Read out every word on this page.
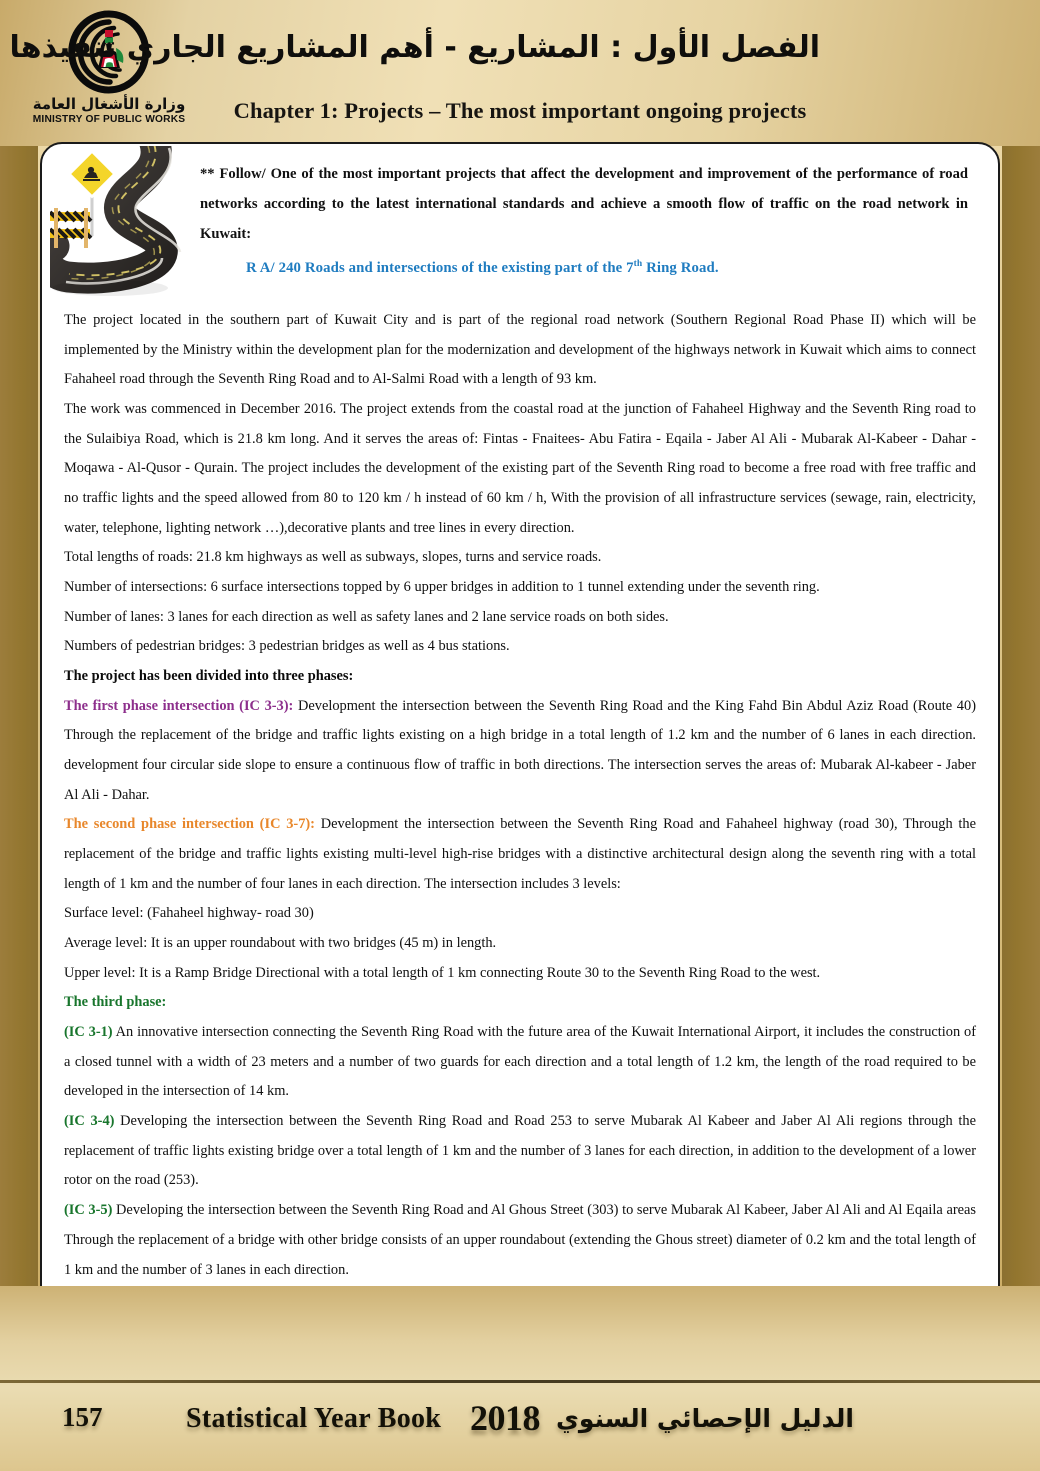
وزارة الأشغال العامة
MINISTRY OF PUBLIC WORKS
الفصل الأول : المشاريع - أهم المشاريع الجاري تنفيذها
Chapter 1: Projects – The most important ongoing projects

** Follow/ One of the most important projects that affect the development and improvement of the performance of road networks according to the latest international standards and achieve a smooth flow of traffic on the road network in Kuwait:

R A/ 240 Roads and intersections of the existing part of the 7th Ring Road.

The project located in the southern part of Kuwait City and is part of the regional road network (Southern Regional Road Phase II) which will be implemented by the Ministry within the development plan for the modernization and development of the highways network in Kuwait which aims to connect Fahaheel road through the Seventh Ring Road and to Al-Salmi Road with a length of 93 km.

The work was commenced in December 2016. The project extends from the coastal road at the junction of Fahaheel Highway and the Seventh Ring road to the Sulaibiya Road, which is 21.8 km long. And it serves the areas of: Fintas - Fnaitees- Abu Fatira - Eqaila - Jaber Al Ali - Mubarak Al-Kabeer - Dahar - Moqawa - Al-Qusor - Qurain. The project includes the development of the existing part of the Seventh Ring road to become a free road with free traffic and no traffic lights and the speed allowed from 80 to 120 km / h instead of 60 km / h, With the provision of all infrastructure services (sewage, rain, electricity, water, telephone, lighting network …),decorative plants and tree lines in every direction.

Total lengths of roads: 21.8 km highways as well as subways, slopes, turns and service roads.

Number of intersections: 6 surface intersections topped by 6 upper bridges in addition to 1 tunnel extending under the seventh ring.

Number of lanes: 3 lanes for each direction as well as safety lanes and 2 lane service roads on both sides.

Numbers of pedestrian bridges: 3 pedestrian bridges as well as 4 bus stations.

The project has been divided into three phases:

The first phase intersection (IC 3-3): Development the intersection between the Seventh Ring Road and the King Fahd Bin Abdul Aziz Road (Route 40) Through the replacement of the bridge and traffic lights existing on a high bridge in a total length of 1.2 km and the number of 6 lanes in each direction. development four circular side slope to ensure a continuous flow of traffic in both directions. The intersection serves the areas of: Mubarak Al-kabeer - Jaber Al Ali - Dahar.

The second phase intersection (IC 3-7): Development the intersection between the Seventh Ring Road and Fahaheel highway (road 30), Through the replacement of the bridge and traffic lights existing multi-level high-rise bridges with a distinctive architectural design along the seventh ring with a total length of 1 km and the number of four lanes in each direction. The intersection includes 3 levels:

Surface level: (Fahaheel highway- road 30)

Average level: It is an upper roundabout with two bridges (45 m) in length.

Upper level: It is a Ramp Bridge Directional with a total length of 1 km connecting Route 30 to the Seventh Ring Road to the west.

The third phase:

(IC 3-1) An innovative intersection connecting the Seventh Ring Road with the future area of the Kuwait International Airport, it includes the construction of a closed tunnel with a width of 23 meters and a number of two guards for each direction and a total length of 1.2 km, the length of the road required to be developed in the intersection of 14 km.

(IC 3-4) Developing the intersection between the Seventh Ring Road and Road 253 to serve Mubarak Al Kabeer and Jaber Al Ali regions through the replacement of traffic lights existing bridge over a total length of 1 km and the number of 3 lanes for each direction, in addition to the development of a lower rotor on the road (253).

(IC 3-5) Developing the intersection between the Seventh Ring Road and Al Ghous Street (303) to serve Mubarak Al Kabeer, Jaber Al Ali and Al Eqaila areas Through the replacement of a bridge with other bridge consists of an upper roundabout (extending the Ghous street) diameter of 0.2 km and the total length of 1 km and the number of 3 lanes in each direction.

157	Statistical Year Book 2018 الدليل الإحصائي السنوي
